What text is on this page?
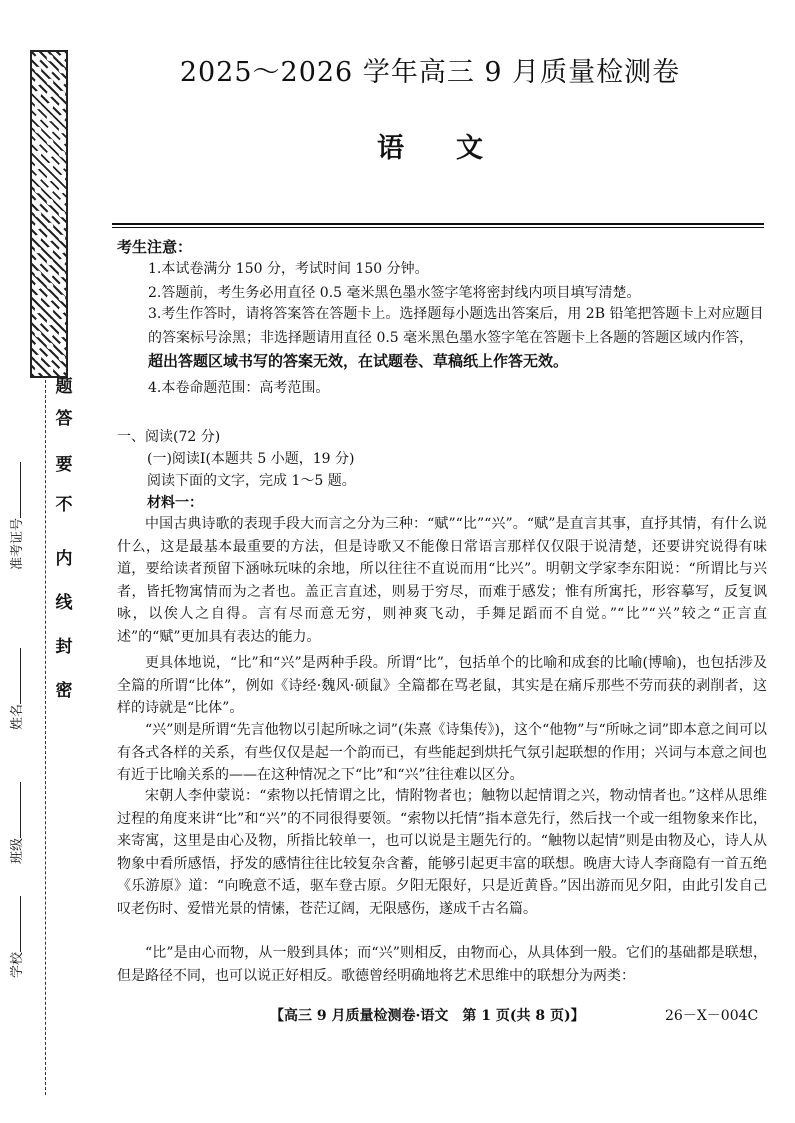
题
答
要
不
内
线
封
密
学校
班级
姓名
准考证号
2025～2026 学年高三 9 月质量检测卷
语文
考生注意：
1.本试卷满分 150 分，考试时间 150 分钟。
2.答题前，考生务必用直径 0.5 毫米黑色墨水签字笔将密封线内项目填写清楚。
3.考生作答时，请将答案答在答题卡上。选择题每小题选出答案后，用 2B 铅笔把答题卡上对应题目的答案标号涂黑；非选择题请用直径 0.5 毫米黑色墨水签字笔在答题卡上各题的答题区域内作答，超出答题区域书写的答案无效，在试题卷、草稿纸上作答无效。
4.本卷命题范围：高考范围。
一、阅读(72 分)
(一)阅读Ⅰ(本题共 5 小题，19 分)
阅读下面的文字，完成 1～5 题。
材料一：
中国古典诗歌的表现手段大而言之分为三种：“赋”“比”“兴”。“赋”是直言其事，直抒其情，有什么说什么，这是最基本最重要的方法，但是诗歌又不能像日常语言那样仅仅限于说清楚，还要讲究说得有味道，要给读者预留下涵咏玩味的余地，所以往往不直说而用“比兴”。明朝文学家李东阳说：“所谓比与兴者，皆托物寓情而为之者也。盖正言直述，则易于穷尽，而难于感发；惟有所寓托，形容摹写，反复讽咏，以俟人之自得。言有尽而意无穷，则神爽飞动，手舞足蹈而不自觉。”“比”“兴”较之“正言直述”的“赋”更加具有表达的能力。
更具体地说，“比”和“兴”是两种手段。所谓“比”，包括单个的比喻和成套的比喻(博喻)，也包括涉及全篇的所谓“比体”，例如《诗经·魏风·硕鼠》全篇都在骂老鼠，其实是在痛斥那些不劳而获的剥削者，这样的诗就是“比体”。
“兴”则是所谓“先言他物以引起所咏之词”(朱熹《诗集传》)，这个“他物”与“所咏之词”即本意之间可以有各式各样的关系，有些仅仅是起一个韵而已，有些能起到烘托气氛引起联想的作用；兴词与本意之间也有近于比喻关系的——在这种情况之下“比”和“兴”往往难以区分。
宋朝人李仲蒙说：“索物以托情谓之比，情附物者也；触物以起情谓之兴，物动情者也。”这样从思维过程的角度来讲“比”和“兴”的不同很得要领。“索物以托情”指本意先行，然后找一个或一组物象来作比，来寄寓，这里是由心及物，所指比较单一，也可以说是主题先行的。“触物以起情”则是由物及心，诗人从物象中看所感悟，抒发的感情往往比较复杂含蓄，能够引起更丰富的联想。晚唐大诗人李商隐有一首五绝《乐游原》道：“向晚意不适，驱车登古原。夕阳无限好，只是近黄昏。”因出游而见夕阳，由此引发自己叹老伤时、爱惜光景的情愫，苍茫辽阔，无限感伤，遂成千古名篇。
“比”是由心而物，从一般到具体；而“兴”则相反，由物而心，从具体到一般。它们的基础都是联想，但是路径不同，也可以说正好相反。歌德曾经明确地将艺术思维中的联想分为两类：
【高三 9 月质量检测卷·语文　第 1 页(共 8 页)】	26－X－004C
